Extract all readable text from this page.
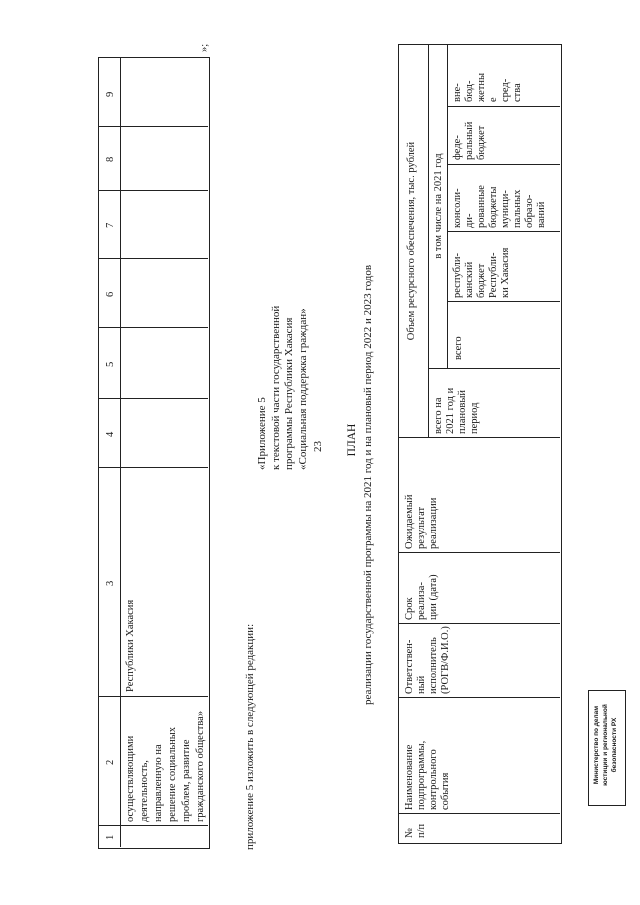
23
9
8
7
6
5
4
3
2
1
Республики Хакасия
осуществляющими
деятельность,
направленную на
решение социальных
проблем, развитие
гражданского общества»
»;
приложение 5 изложить в следующей редакции:
«Приложение 5
к текстовой части государственной
программы Республики Хакасия
«Социальная поддержка граждан»
ПЛАН реализации государственной программы на 2021 год и на плановый период 2022 и 2023 годов
№
п/п
Наименование
подпрограммы,
контрольного
события
Ответствен-
ный
исполнитель
(РОГВ/Ф.И.О.)
Срок
реализа-
ции (дата)
Ожидаемый
результат
реализации
Объем ресурсного обеспечения, тыс. рублей
всего на
2021 год и
плановый
период
в том числе на 2021 год
всего
республи-
канский
бюджет
Республи-
ки Хакасия
консоли-
ди-
рованные
бюджеты
муници-
пальных
образо-
ваний
феде-
ральный
бюджет
вне-
бюд-
жетны
е
сред-
ства
Министерство по делам
юстиции и региональной
безопасности РХ
